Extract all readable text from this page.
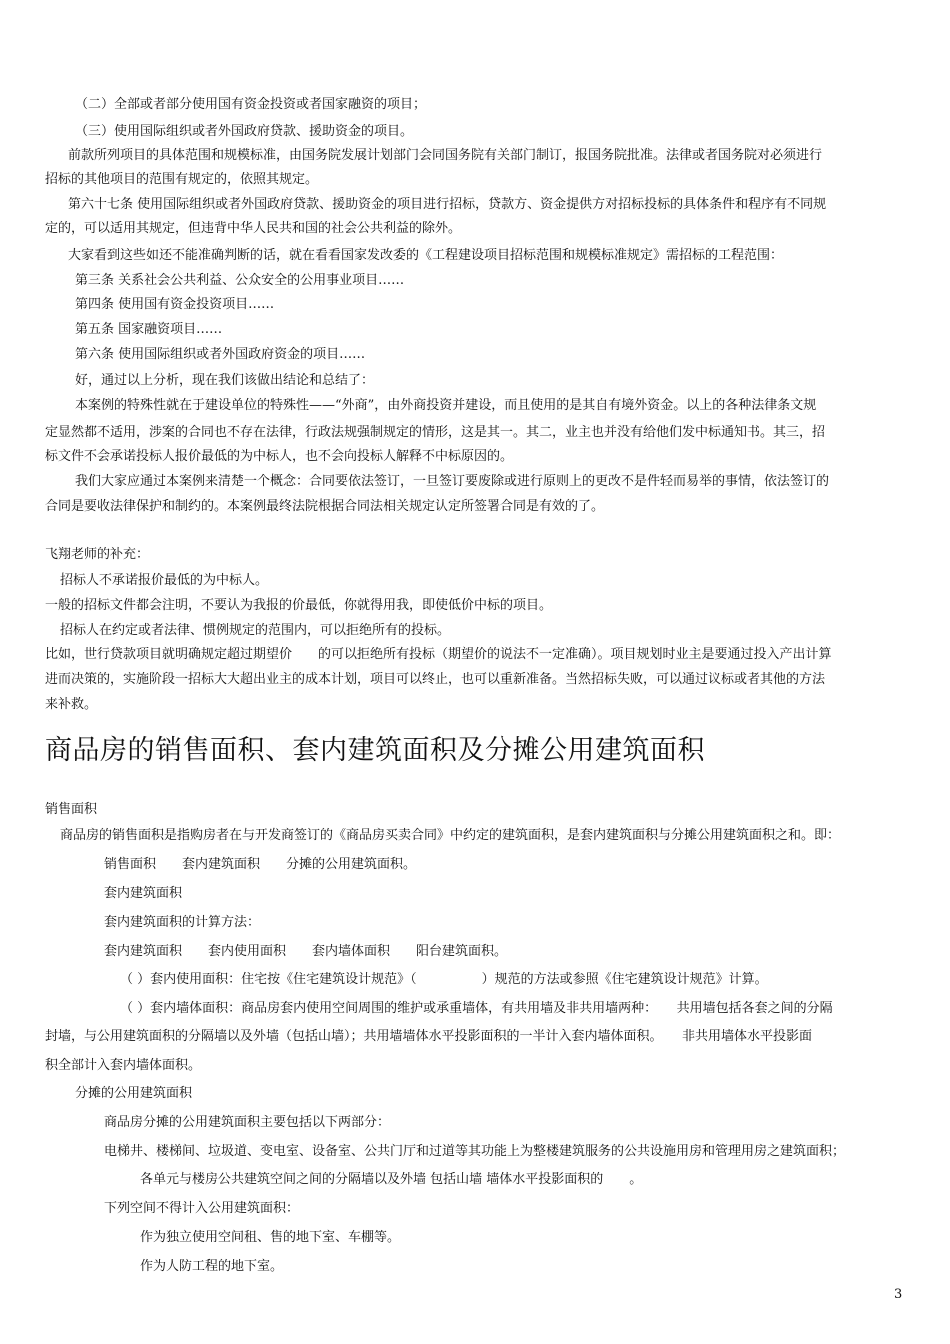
（二）全部或者部分使用国有资金投资或者国家融资的项目；
（三）使用国际组织或者外国政府贷款、援助资金的项目。
前款所列项目的具体范围和规模标准，由国务院发展计划部门会同国务院有关部门制订，报国务院批准。法律或者国务院对必须进行
招标的其他项目的范围有规定的，依照其规定。
第六十七条 使用国际组织或者外国政府贷款、援助资金的项目进行招标，贷款方、资金提供方对招标投标的具体条件和程序有不同规
定的，可以适用其规定，但违背中华人民共和国的社会公共利益的除外。
大家看到这些如还不能准确判断的话，就在看看国家发改委的《工程建设项目招标范围和规模标准规定》需招标的工程范围：
第三条 关系社会公共利益、公众安全的公用事业项目……
第四条 使用国有资金投资项目……
第五条 国家融资项目……
第六条 使用国际组织或者外国政府资金的项目……
好，通过以上分析，现在我们该做出结论和总结了：
本案例的特殊性就在于建设单位的特殊性——“外商”，由外商投资并建设，而且使用的是其自有境外资金。以上的各种法律条文规
定显然都不适用，涉案的合同也不存在法律，行政法规强制规定的情形，这是其一。其二，业主也并没有给他们发中标通知书。其三，招
标文件不会承诺投标人报价最低的为中标人，也不会向投标人解释不中标原因的。
我们大家应通过本案例来清楚一个概念：合同要依法签订，一旦签订要废除或进行原则上的更改不是件轻而易举的事情，依法签订的
合同是要收法律保护和制约的。本案例最终法院根据合同法相关规定认定所签署合同是有效的了。
飞翔老师的补充：
招标人不承诺报价最低的为中标人。
一般的招标文件都会注明，不要认为我报的价最低，你就得用我，即使低价中标的项目。
招标人在约定或者法律、惯例规定的范围内，可以拒绝所有的投标。
比如，世行贷款项目就明确规定超过期望价　　的可以拒绝所有投标（期望价的说法不一定准确）。项目规划时业主是要通过投入产出计算
进而决策的，实施阶段一招标大大超出业主的成本计划，项目可以终止，也可以重新准备。当然招标失败，可以通过议标或者其他的方法
来补救。
商品房的销售面积、套内建筑面积及分摊公用建筑面积
销售面积
商品房的销售面积是指购房者在与开发商签订的《商品房买卖合同》中约定的建筑面积，是套内建筑面积与分摊公用建筑面积之和。即：
销售面积　　套内建筑面积　　分摊的公用建筑面积。
套内建筑面积
套内建筑面积的计算方法：
套内建筑面积　　套内使用面积　　套内墙体面积　　阳台建筑面积。
（ ）套内使用面积：住宅按《住宅建筑设计规范》（　　　　　）规范的方法或参照《住宅建筑设计规范》计算。
（ ）套内墙体面积：商品房套内使用空间周围的维护或承重墙体，有共用墙及非共用墙两种：　　共用墙包括各套之间的分隔
封墙，与公用建筑面积的分隔墙以及外墙（包括山墙）；共用墙墙体水平投影面积的一半计入套内墙体面积。　　非共用墙体水平投影面
积全部计入套内墙体面积。
分摊的公用建筑面积
商品房分摊的公用建筑面积主要包括以下两部分：
电梯井、楼梯间、垃圾道、变电室、设备室、公共门厅和过道等其功能上为整楼建筑服务的公共设施用房和管理用房之建筑面积；
各单元与楼房公共建筑空间之间的分隔墙以及外墙 包括山墙 墙体水平投影面积的　　。
下列空间不得计入公用建筑面积：
作为独立使用空间租、售的地下室、车棚等。
作为人防工程的地下室。
3
